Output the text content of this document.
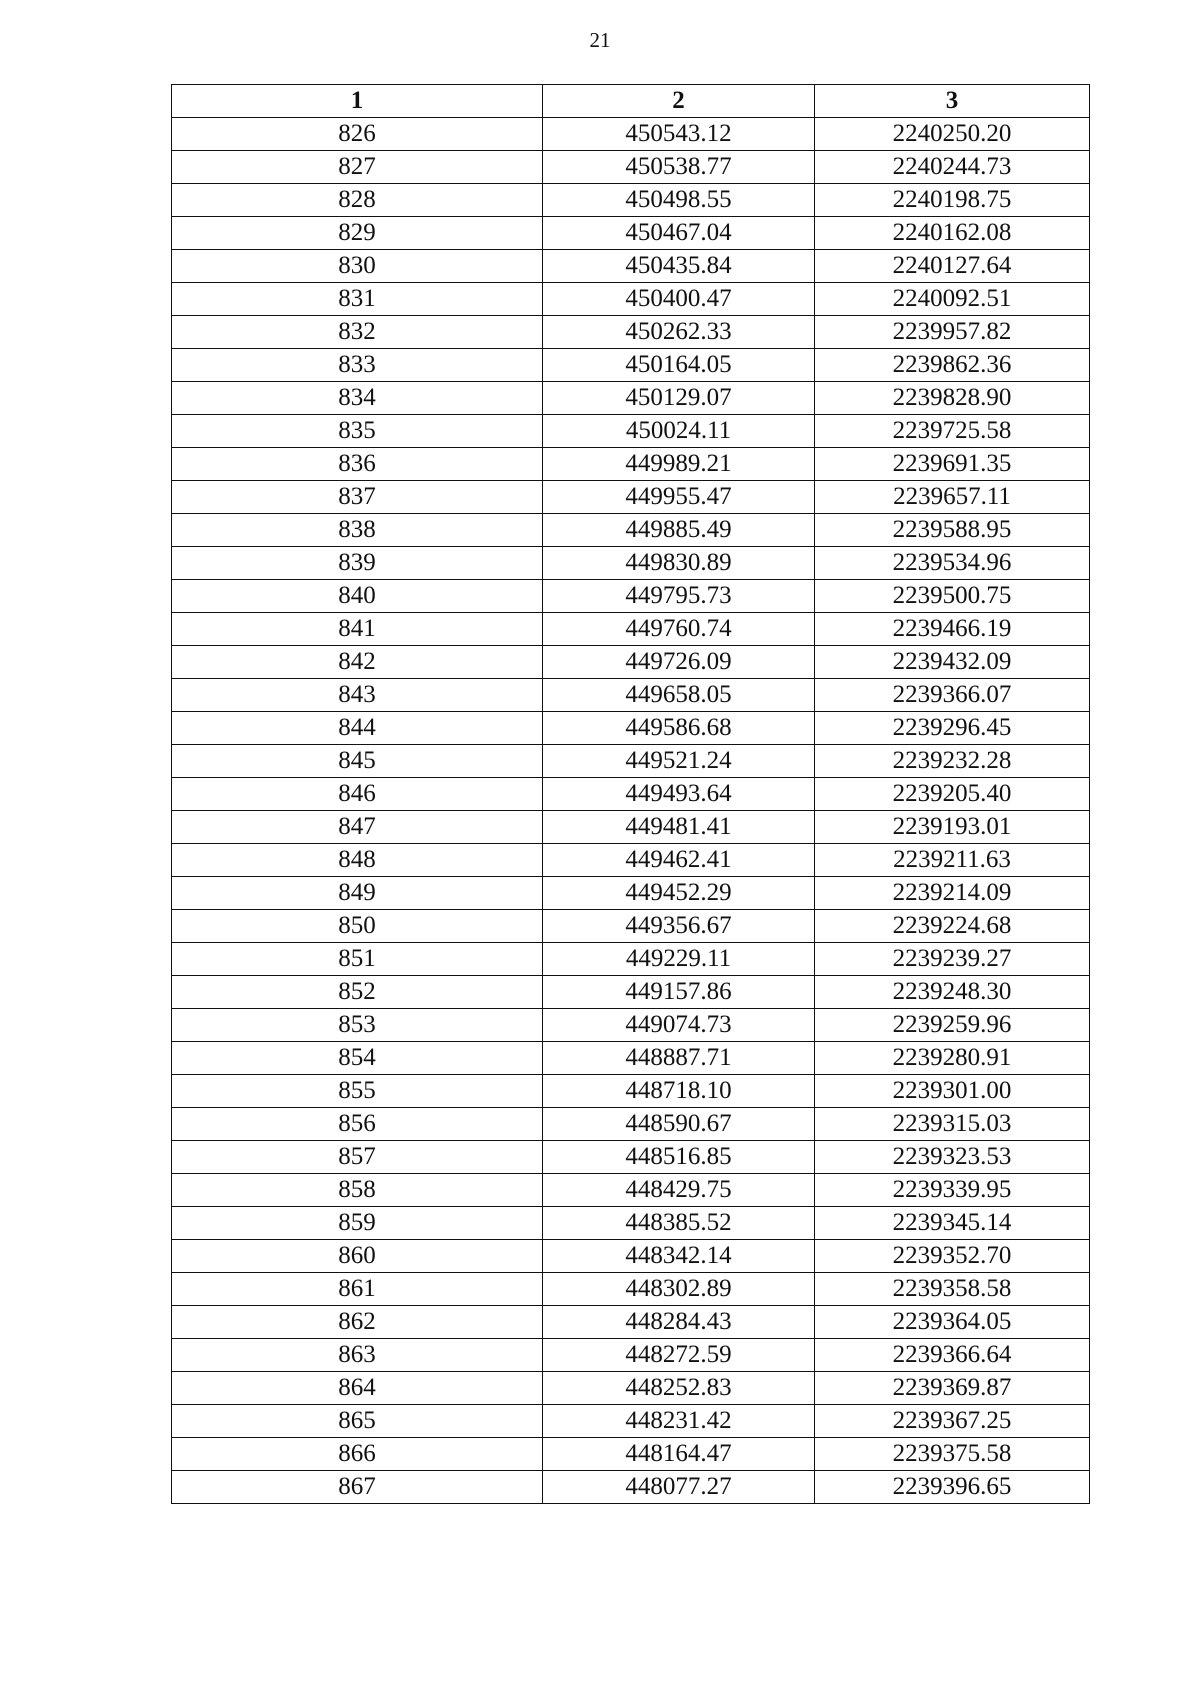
21
1	2	3
826	450543.12	2240250.20
827	450538.77	2240244.73
828	450498.55	2240198.75
829	450467.04	2240162.08
830	450435.84	2240127.64
831	450400.47	2240092.51
832	450262.33	2239957.82
833	450164.05	2239862.36
834	450129.07	2239828.90
835	450024.11	2239725.58
836	449989.21	2239691.35
837	449955.47	2239657.11
838	449885.49	2239588.95
839	449830.89	2239534.96
840	449795.73	2239500.75
841	449760.74	2239466.19
842	449726.09	2239432.09
843	449658.05	2239366.07
844	449586.68	2239296.45
845	449521.24	2239232.28
846	449493.64	2239205.40
847	449481.41	2239193.01
848	449462.41	2239211.63
849	449452.29	2239214.09
850	449356.67	2239224.68
851	449229.11	2239239.27
852	449157.86	2239248.30
853	449074.73	2239259.96
854	448887.71	2239280.91
855	448718.10	2239301.00
856	448590.67	2239315.03
857	448516.85	2239323.53
858	448429.75	2239339.95
859	448385.52	2239345.14
860	448342.14	2239352.70
861	448302.89	2239358.58
862	448284.43	2239364.05
863	448272.59	2239366.64
864	448252.83	2239369.87
865	448231.42	2239367.25
866	448164.47	2239375.58
867	448077.27	2239396.65
